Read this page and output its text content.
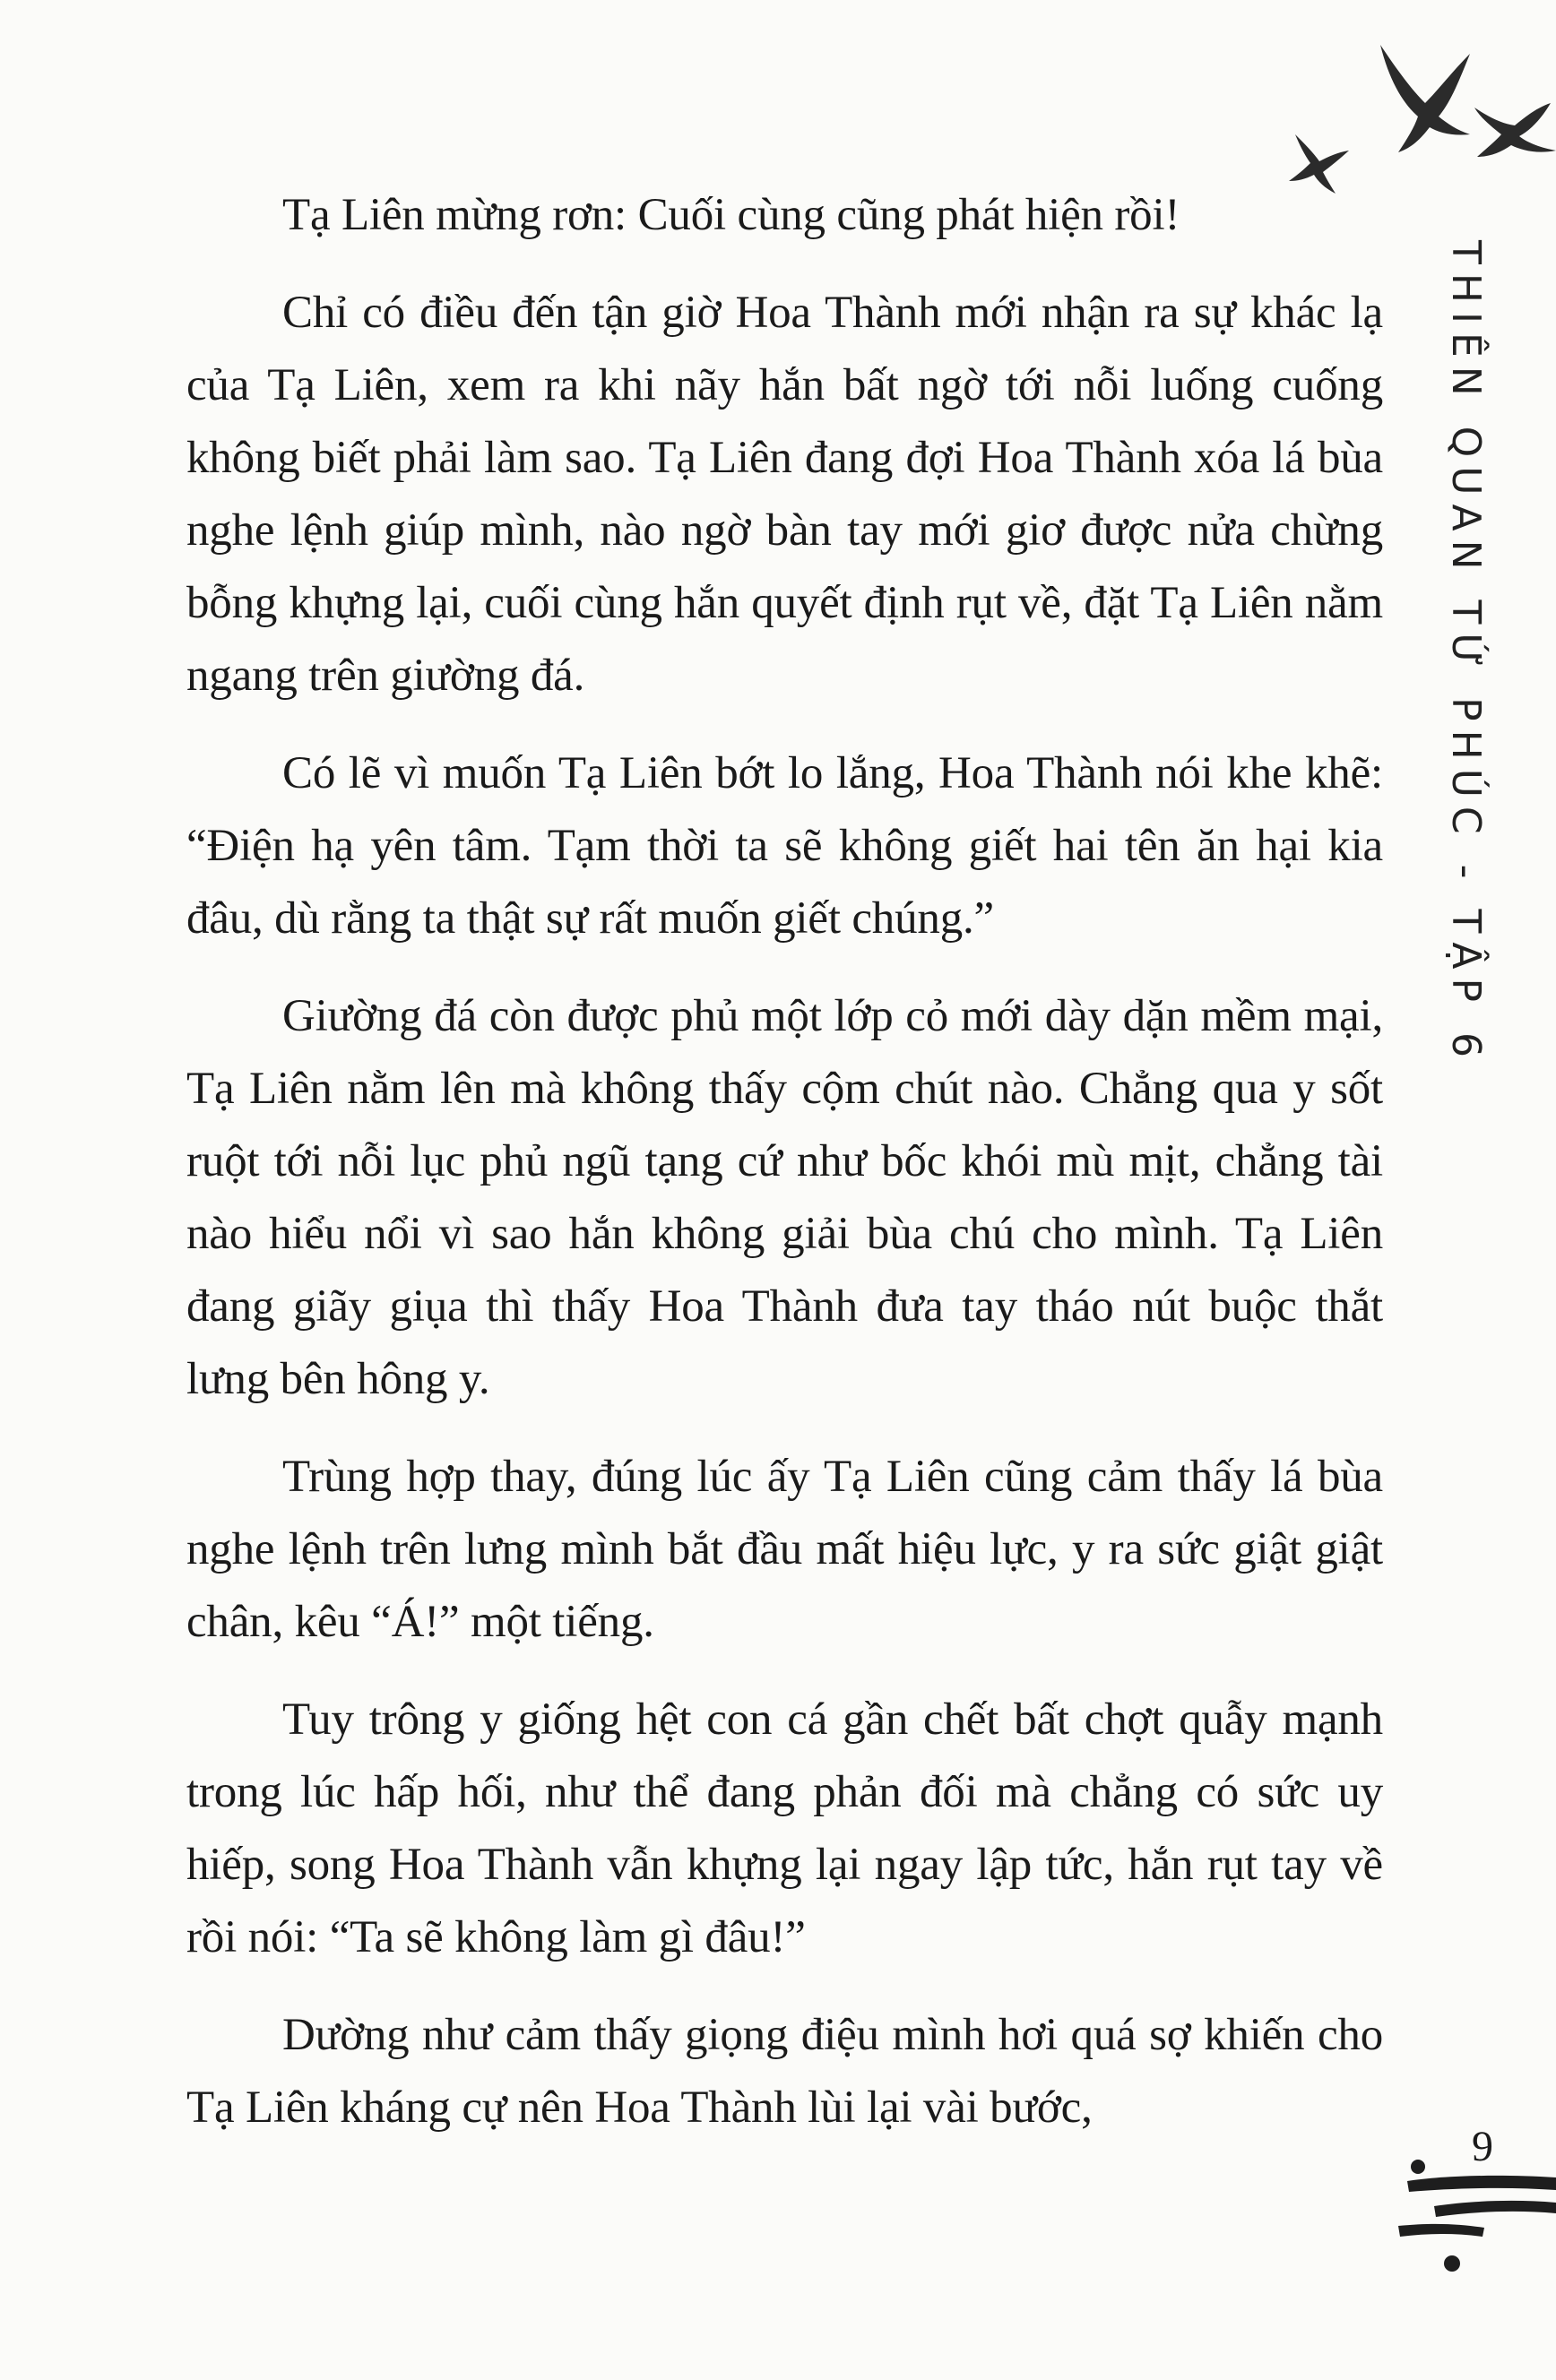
Tạ Liên mừng rơn: Cuối cùng cũng phát hiện rồi!

Chỉ có điều đến tận giờ Hoa Thành mới nhận ra sự khác lạ của Tạ Liên, xem ra khi nãy hắn bất ngờ tới nỗi luống cuống không biết phải làm sao. Tạ Liên đang đợi Hoa Thành xóa lá bùa nghe lệnh giúp mình, nào ngờ bàn tay mới giơ được nửa chừng bỗng khựng lại, cuối cùng hắn quyết định rụt về, đặt Tạ Liên nằm ngang trên giường đá.

Có lẽ vì muốn Tạ Liên bớt lo lắng, Hoa Thành nói khe khẽ: “Điện hạ yên tâm. Tạm thời ta sẽ không giết hai tên ăn hại kia đâu, dù rằng ta thật sự rất muốn giết chúng.”

Giường đá còn được phủ một lớp cỏ mới dày dặn mềm mại, Tạ Liên nằm lên mà không thấy cộm chút nào. Chẳng qua y sốt ruột tới nỗi lục phủ ngũ tạng cứ như bốc khói mù mịt, chẳng tài nào hiểu nổi vì sao hắn không giải bùa chú cho mình. Tạ Liên đang giãy giụa thì thấy Hoa Thành đưa tay tháo nút buộc thắt lưng bên hông y.

Trùng hợp thay, đúng lúc ấy Tạ Liên cũng cảm thấy lá bùa nghe lệnh trên lưng mình bắt đầu mất hiệu lực, y ra sức giật giật chân, kêu “Á!” một tiếng.

Tuy trông y giống hệt con cá gần chết bất chợt quẫy mạnh trong lúc hấp hối, như thể đang phản đối mà chẳng có sức uy hiếp, song Hoa Thành vẫn khựng lại ngay lập tức, hắn rụt tay về rồi nói: “Ta sẽ không làm gì đâu!”

Dường như cảm thấy giọng điệu mình hơi quá sợ khiến cho Tạ Liên kháng cự nên Hoa Thành lùi lại vài bước,

THIÊN QUAN TỨ PHÚC - TẬP 6
9
